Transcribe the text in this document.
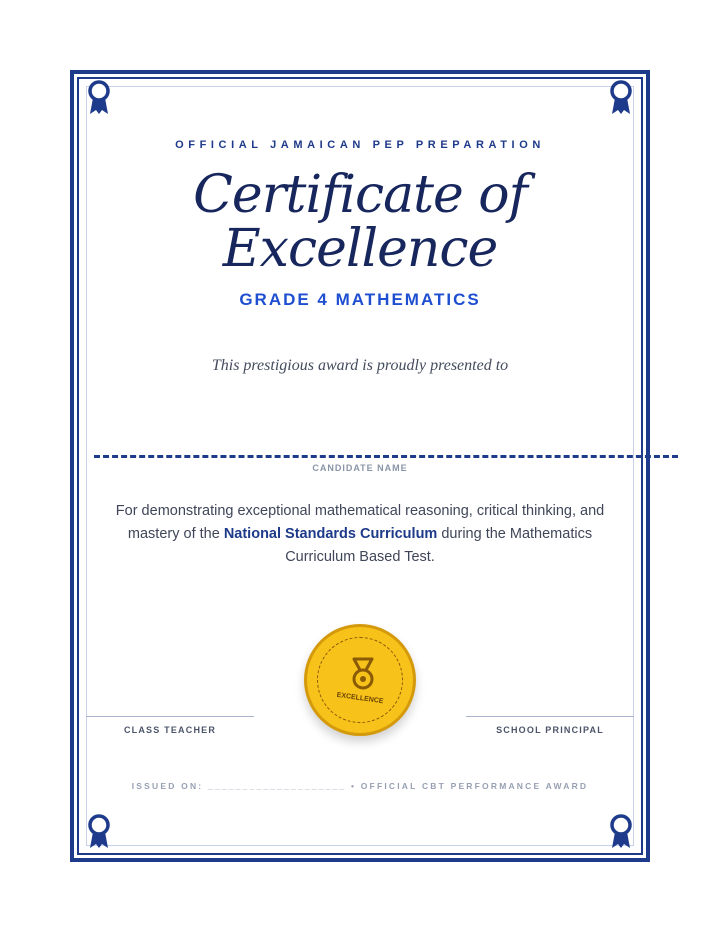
OFFICIAL JAMAICAN PEP PREPARATION
Certificate of
Excellence
GRADE 4 MATHEMATICS
This prestigious award is proudly presented to
CANDIDATE NAME
For demonstrating exceptional mathematical reasoning, critical thinking, and mastery of the National Standards Curriculum during the Mathematics Curriculum Based Test.
CLASS TEACHER	SCHOOL PRINCIPAL
EXCELLENCE
ISSUED ON: ____________________ • OFFICIAL CBT PERFORMANCE AWARD
